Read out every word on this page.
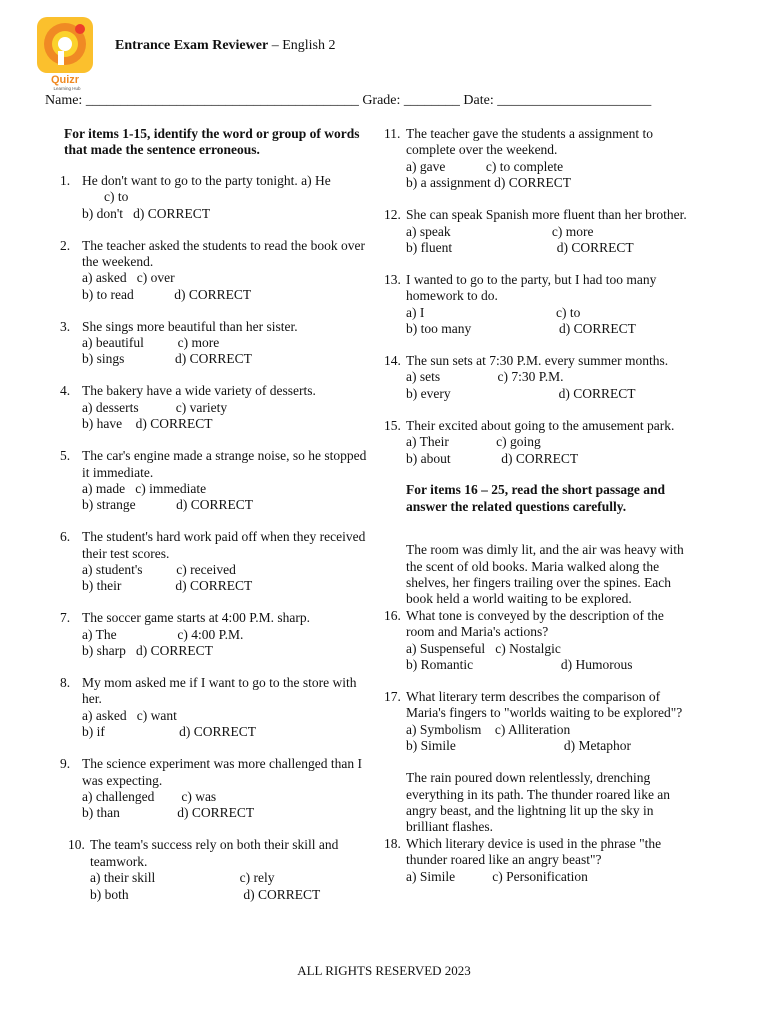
Quizr
Learning Hub
Entrance Exam Reviewer – English 2
Name: _______________________________________ Grade: ________ Date: ______________________
For items 1-15, identify the word or group of words that made the sentence erroneous.
1. He don't want to go to the party tonight. a) He
c) to
b) don't   d) CORRECT
2. The teacher asked the students to read the book over the weekend.
a) asked   c) over
b) to read            d) CORRECT
3. She sings more beautiful than her sister.
a) beautiful          c) more
b) sings               d) CORRECT
4. The bakery have a wide variety of desserts.
a) desserts           c) variety
b) have    d) CORRECT
5. The car's engine made a strange noise, so he stopped it immediate.
a) made   c) immediate
b) strange            d) CORRECT
6. The student's hard work paid off when they received their test scores.
a) student's          c) received
b) their                d) CORRECT
7. The soccer game starts at 4:00 P.M. sharp.
a) The                  c) 4:00 P.M.
b) sharp   d) CORRECT
8. My mom asked me if I want to go to the store with her.
a) asked   c) want
b) if                      d) CORRECT
9. The science experiment was more challenged than I was expecting.
a) challenged        c) was
b) than                 d) CORRECT
10. The team's success rely on both their skill and teamwork.
a) their skill                         c) rely
b) both                                  d) CORRECT
11. The teacher gave the students a assignment to complete over the weekend.
a) gave            c) to complete
b) a assignment d) CORRECT
12. She can speak Spanish more fluent than her brother.
a) speak                              c) more
b) fluent                               d) CORRECT
13. I wanted to go to the party, but I had too many homework to do.
a) I                                       c) to
b) too many                          d) CORRECT
14. The sun sets at 7:30 P.M. every summer months.
a) sets                 c) 7:30 P.M.
b) every                                d) CORRECT
15. Their excited about going to the amusement park.
a) Their              c) going
b) about               d) CORRECT
For items 16 – 25, read the short passage and answer the related questions carefully.
The room was dimly lit, and the air was heavy with the scent of old books. Maria walked along the shelves, her fingers trailing over the spines. Each book held a world waiting to be explored.
16. What tone is conveyed by the description of the room and Maria's actions?
a) Suspenseful   c) Nostalgic
b) Romantic                          d) Humorous
17. What literary term describes the comparison of Maria's fingers to "worlds waiting to be explored"?
a) Symbolism    c) Alliteration
b) Simile                                d) Metaphor
The rain poured down relentlessly, drenching everything in its path. The thunder roared like an angry beast, and the lightning lit up the sky in brilliant flashes.
18. Which literary device is used in the phrase "the thunder roared like an angry beast"?
a) Simile           c) Personification
ALL RIGHTS RESERVED 2023
